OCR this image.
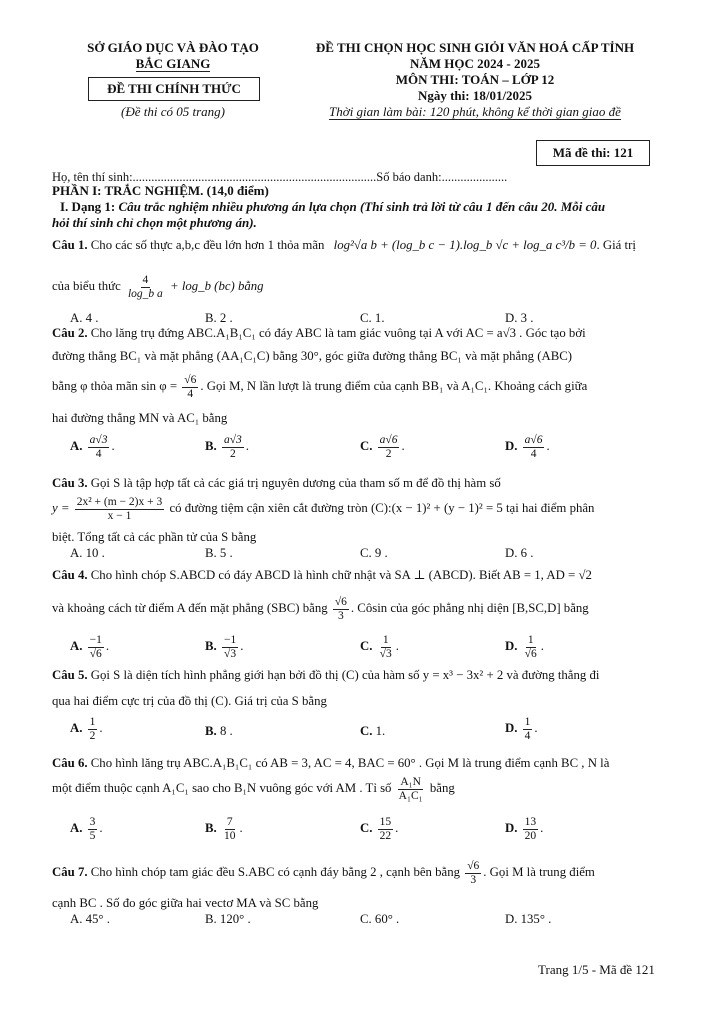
SỞ GIÁO DỤC VÀ ĐÀO TẠO
BẮC GIANG
ĐỀ THI CHÍNH THỨC
(Đề thi có 05 trang)
ĐỀ THI CHỌN HỌC SINH GIỎI VĂN HOÁ CẤP TỈNH
NĂM HỌC 2024 - 2025
MÔN THI: TOÁN – LỚP 12
Ngày thi: 18/01/2025
Thời gian làm bài: 120 phút, không kể thời gian giao đề
Mã đề thi: 121
Họ, tên thí sinh:..............................................................................Số báo danh:.....................
PHẦN I: TRẮC NGHIỆM. (14,0 điểm)
I. Dạng 1: Câu trắc nghiệm nhiều phương án lựa chọn (Thí sinh trả lời từ câu 1 đến câu 20. Mỗi câu
hỏi thí sinh chỉ chọn một phương án).
Câu 1. Cho các số thực a,b,c đều lớn hơn 1 thỏa mãn log²√a b + (log_b c − 1).log_b √c + log_a c³/b = 0. Giá trị
của biểu thức $\frac{4}{\text{log\_b a}}$ + log_b (bc) bằng
A. 4 .	B. 2 .	C. 1.	D. 3 .
Câu 2. Cho lăng trụ đứng ABC.A₁B₁C₁ có đáy ABC là tam giác vuông tại A với AC = a√3 . Góc tạo bởi
đường thẳng BC₁ và mặt phẳng (AA₁C₁C) bằng 30°, góc giữa đường thẳng BC₁ và mặt phẳng (ABC)
bằng φ thỏa mãn $\sin \varphi = \frac{√6}{4}$ . Gọi M, N lần lượt là trung điểm của cạnh BB₁ và A₁C₁. Khoảng cách giữa
hai đường thẳng MN và AC₁ bằng
A. $\frac{a√3}{4}$ .	B. $\frac{a√3}{2}$ .	C. $\frac{a√6}{2}$ .	D. $\frac{a√6}{4}$ .
Câu 3. Gọi S là tập hợp tất cả các giá trị nguyên dương của tham số m để đồ thị hàm số
$y = \frac{\text{2x² + (m − 2)x + 3}}{x - 1}$ có đường tiệm cận xiên cắt đường tròn (C):(x − 1)² + (y − 1)² = 5 tại hai điểm phân
biệt. Tổng tất cả các phần tử của S bằng
A. 10 .	B. 5 .	C. 9 .	D. 6 .
Câu 4. Cho hình chóp S.ABCD có đáy ABCD là hình chữ nhật và SA ⊥ (ABCD). Biết AB = 1, AD = √2
và khoảng cách từ điểm A đến mặt phẳng (SBC) bằng $\frac{√6}{3}$ . Côsin của góc phẳng nhị diện [B,SC,D] bằng
A. $\frac{-1}{√6}$ .	B. $\frac{-1}{√3}$ .	C. $\frac{1}{√3}$ .	D. $\frac{1}{√6}$ .
Câu 5. Gọi S là diện tích hình phẳng giới hạn bởi đồ thị (C) của hàm số y = x³ − 3x² + 2 và đường thẳng đi
qua hai điểm cực trị của đồ thị (C). Giá trị của S bằng
A. $\frac{1}{2}$ .	B. 8 .	C. 1.	D. $\frac{1}{4}$ .
Câu 6. Cho hình lăng trụ ABC.A₁B₁C₁ có AB = 3, AC = 4, BAC = 60° . Gọi M là trung điểm cạnh BC , N là
một điểm thuộc cạnh A₁C₁ sao cho B₁N vuông góc với AM . Tỉ số $\frac{\text{A₁N}}{\text{A₁C₁}}$ bằng
A. $\frac{3}{5}$ .	B. $\frac{7}{10}$ .	C. $\frac{15}{22}$ .	D. $\frac{13}{20}$ .
Câu 7. Cho hình chóp tam giác đều S.ABC có cạnh đáy bằng 2 , cạnh bên bằng $\frac{√6}{3}$ . Gọi M là trung điểm
cạnh BC . Số đo góc giữa hai vectơ MA và SC bằng
A. 45° .	B. 120° .	C. 60° .	D. 135° .
Trang 1/5 - Mã đề 121
